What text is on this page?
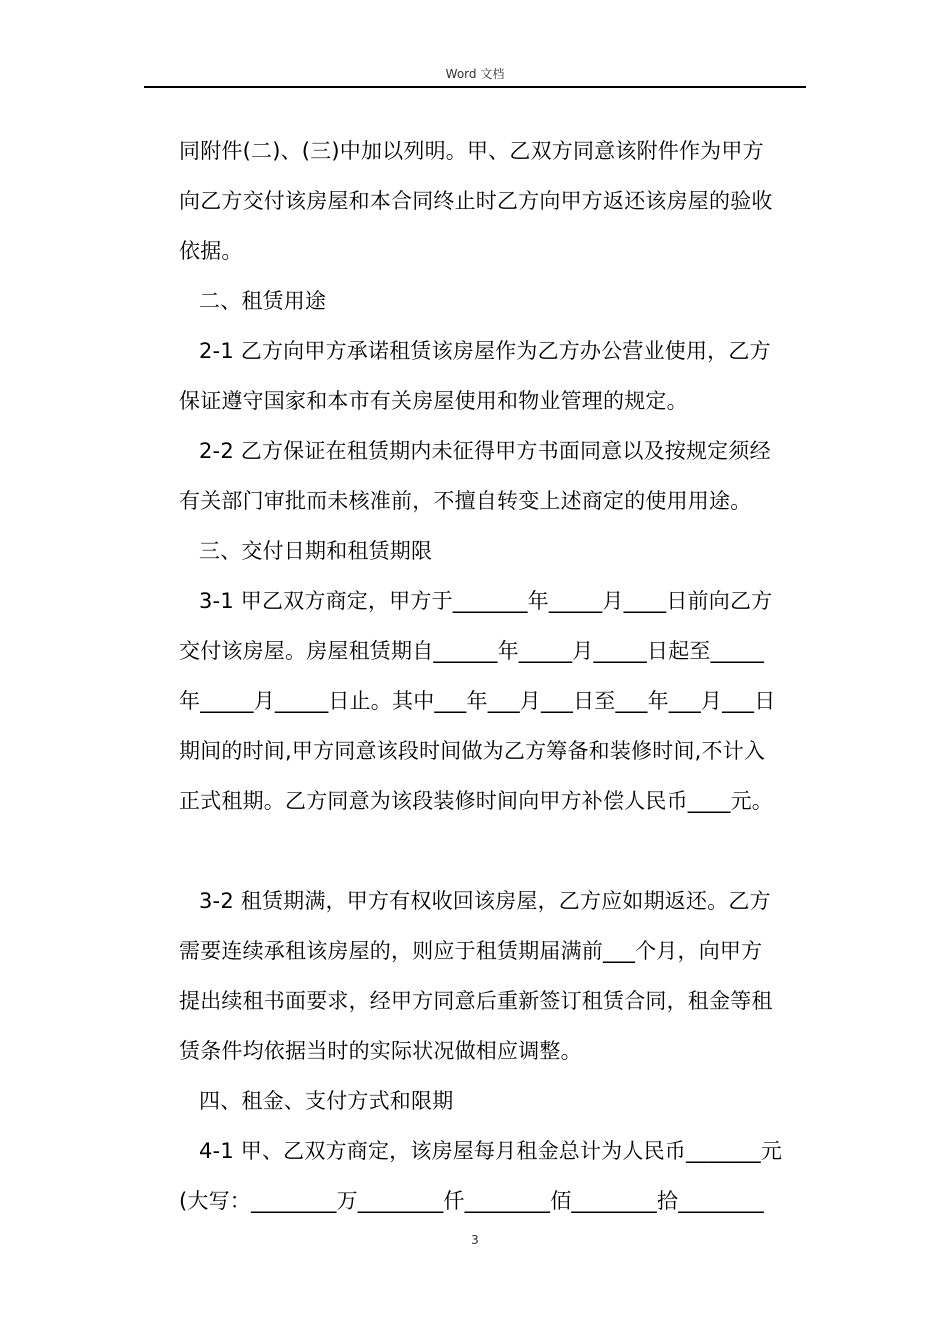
Word 文档
同附件(二)、(三)中加以列明。甲、乙双方同意该附件作为甲方
向乙方交付该房屋和本合同终止时乙方向甲方返还该房屋的验收
依据。
二、租赁用途
2-1 乙方向甲方承诺租赁该房屋作为乙方办公营业使用，乙方
保证遵守国家和本市有关房屋使用和物业管理的规定。
2-2 乙方保证在租赁期内未征得甲方书面同意以及按规定须经
有关部门审批而未核准前，不擅自转变上述商定的使用用途。
三、交付日期和租赁期限
3-1 甲乙双方商定，甲方于_______年_____月____日前向乙方
交付该房屋。房屋租赁期自______年_____月_____日起至_____
年_____月_____日止。其中___年___月___日至___年___月___日
期间的时间,甲方同意该段时间做为乙方筹备和装修时间,不计入
正式租期。乙方同意为该段装修时间向甲方补偿人民币____元。
3-2 租赁期满，甲方有权收回该房屋，乙方应如期返还。乙方
需要连续承租该房屋的，则应于租赁期届满前___个月，向甲方
提出续租书面要求，经甲方同意后重新签订租赁合同，租金等租
赁条件均依据当时的实际状况做相应调整。
四、租金、支付方式和限期
4-1 甲、乙双方商定，该房屋每月租金总计为人民币_______元
(大写：________万________仟________佰________拾________
3
